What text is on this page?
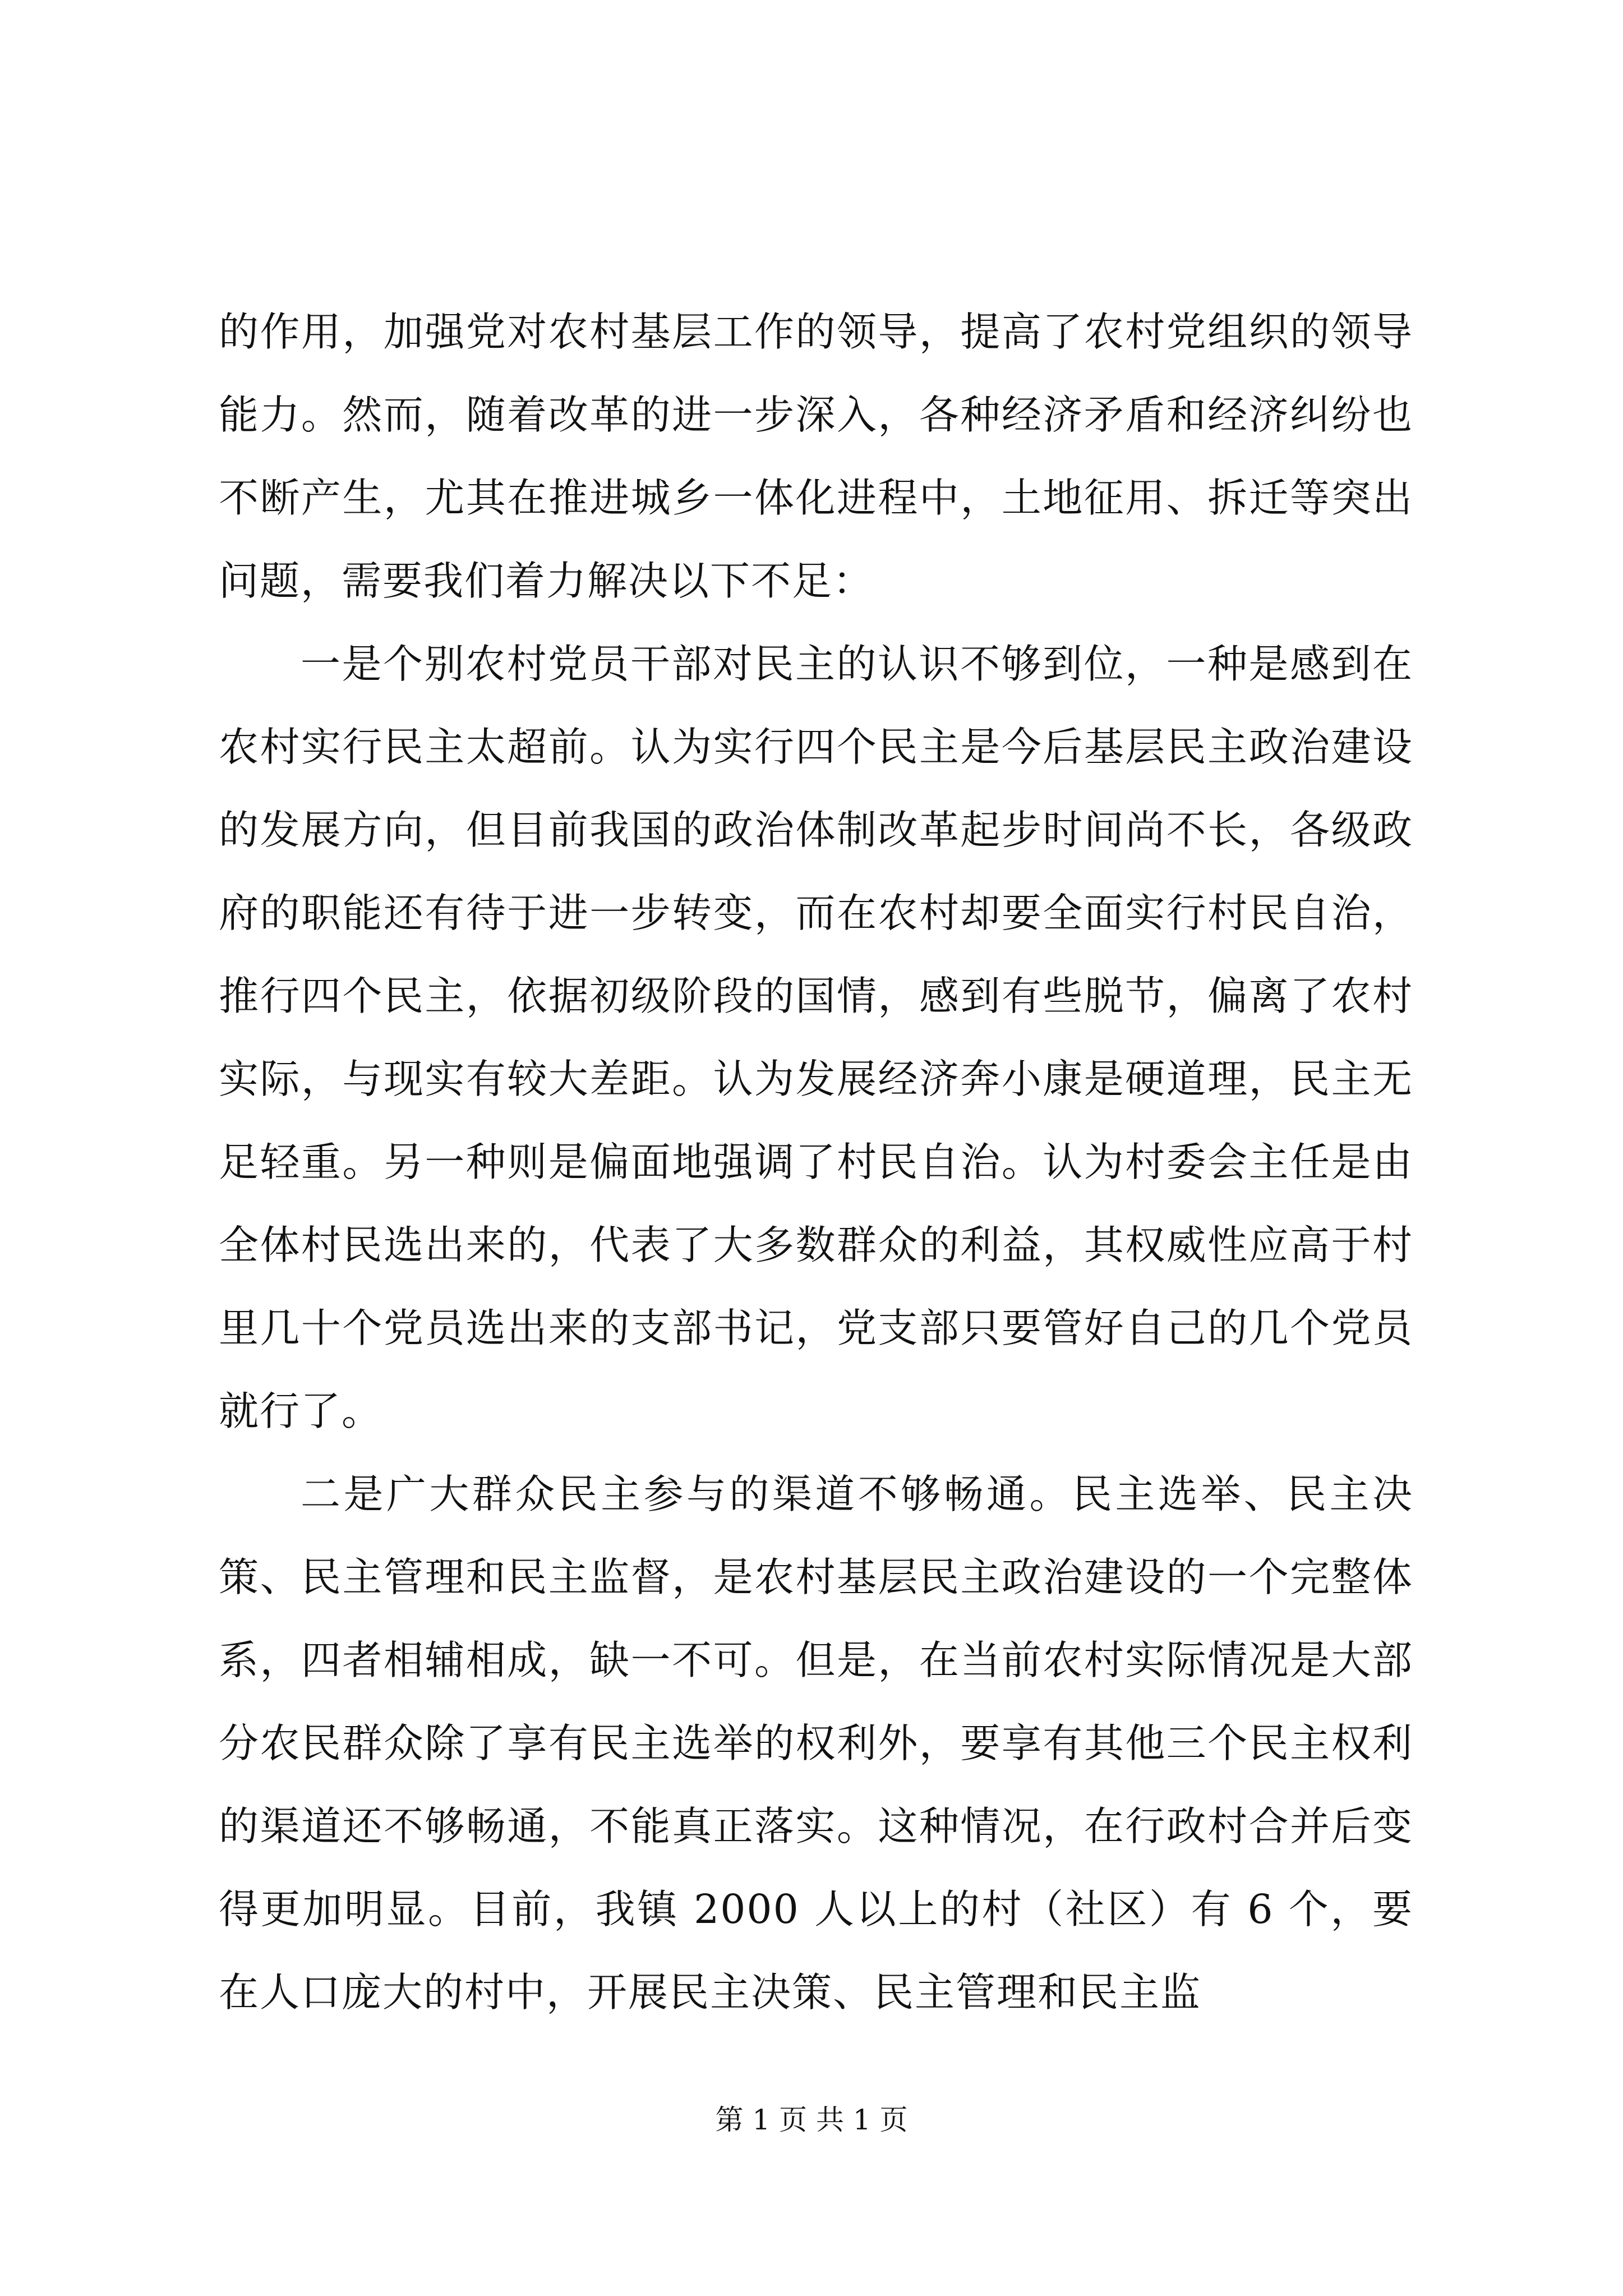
的作用，加强党对农村基层工作的领导，提高了农村党组织的领导能力。然而，随着改革的进一步深入，各种经济矛盾和经济纠纷也不断产生，尤其在推进城乡一体化进程中，土地征用、拆迁等突出问题，需要我们着力解决以下不足：

一是个别农村党员干部对民主的认识不够到位，一种是感到在农村实行民主太超前。认为实行四个民主是今后基层民主政治建设的发展方向，但目前我国的政治体制改革起步时间尚不长，各级政府的职能还有待于进一步转变，而在农村却要全面实行村民自治，推行四个民主，依据初级阶段的国情，感到有些脱节，偏离了农村实际，与现实有较大差距。认为发展经济奔小康是硬道理，民主无足轻重。另一种则是偏面地强调了村民自治。认为村委会主任是由全体村民选出来的，代表了大多数群众的利益，其权威性应高于村里几十个党员选出来的支部书记，党支部只要管好自己的几个党员就行了。

二是广大群众民主参与的渠道不够畅通。民主选举、民主决策、民主管理和民主监督，是农村基层民主政治建设的一个完整体系，四者相辅相成，缺一不可。但是，在当前农村实际情况是大部分农民群众除了享有民主选举的权利外，要享有其他三个民主权利的渠道还不够畅通，不能真正落实。这种情况，在行政村合并后变得更加明显。目前，我镇 2000 人以上的村（社区）有 6 个，要在人口庞大的村中，开展民主决策、民主管理和民主监

第 1 页 共 1 页
